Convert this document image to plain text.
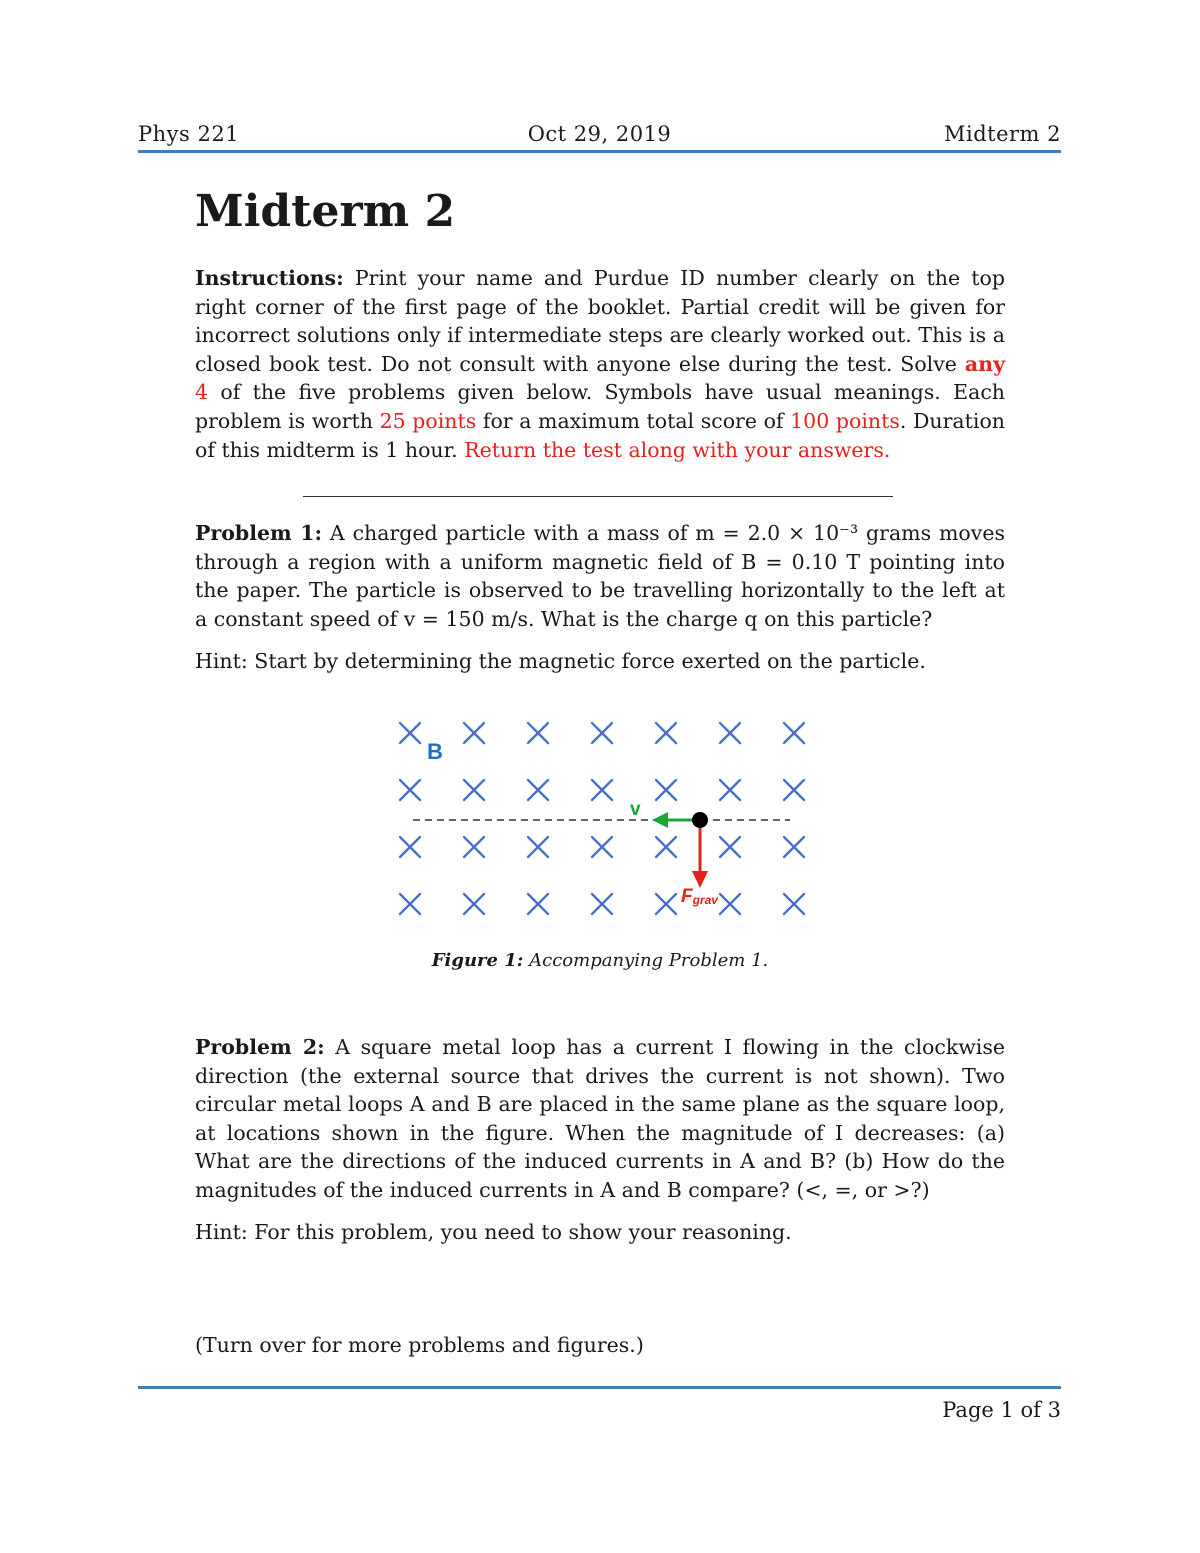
Phys 221	Oct 29, 2019	Midterm 2
Midterm 2

Instructions: Print your name and Purdue ID number clearly on the top right corner of the first page of the booklet. Partial credit will be given for incorrect solutions only if intermediate steps are clearly worked out. This is a closed book test. Do not consult with anyone else during the test. Solve any 4 of the five problems given below. Symbols have usual meanings. Each problem is worth 25 points for a maximum total score of 100 points. Duration of this midterm is 1 hour. Return the test along with your answers.

Problem 1: A charged particle with a mass of m = 2.0 × 10⁻³ grams moves through a region with a uniform magnetic field of B = 0.10 T pointing into the paper. The particle is observed to be travelling horizontally to the left at a constant speed of v = 150 m/s. What is the charge q on this particle?

Hint: Start by determining the magnetic force exerted on the particle.

B
v
Fgrav
Figure 1: Accompanying Problem 1.

Problem 2: A square metal loop has a current I flowing in the clockwise direction (the external source that drives the current is not shown). Two circular metal loops A and B are placed in the same plane as the square loop, at locations shown in the figure. When the magnitude of I decreases: (a) What are the directions of the induced currents in A and B? (b) How do the magnitudes of the induced currents in A and B compare? (<, =, or >?)

Hint: For this problem, you need to show your reasoning.

(Turn over for more problems and figures.)

Page 1 of 3
